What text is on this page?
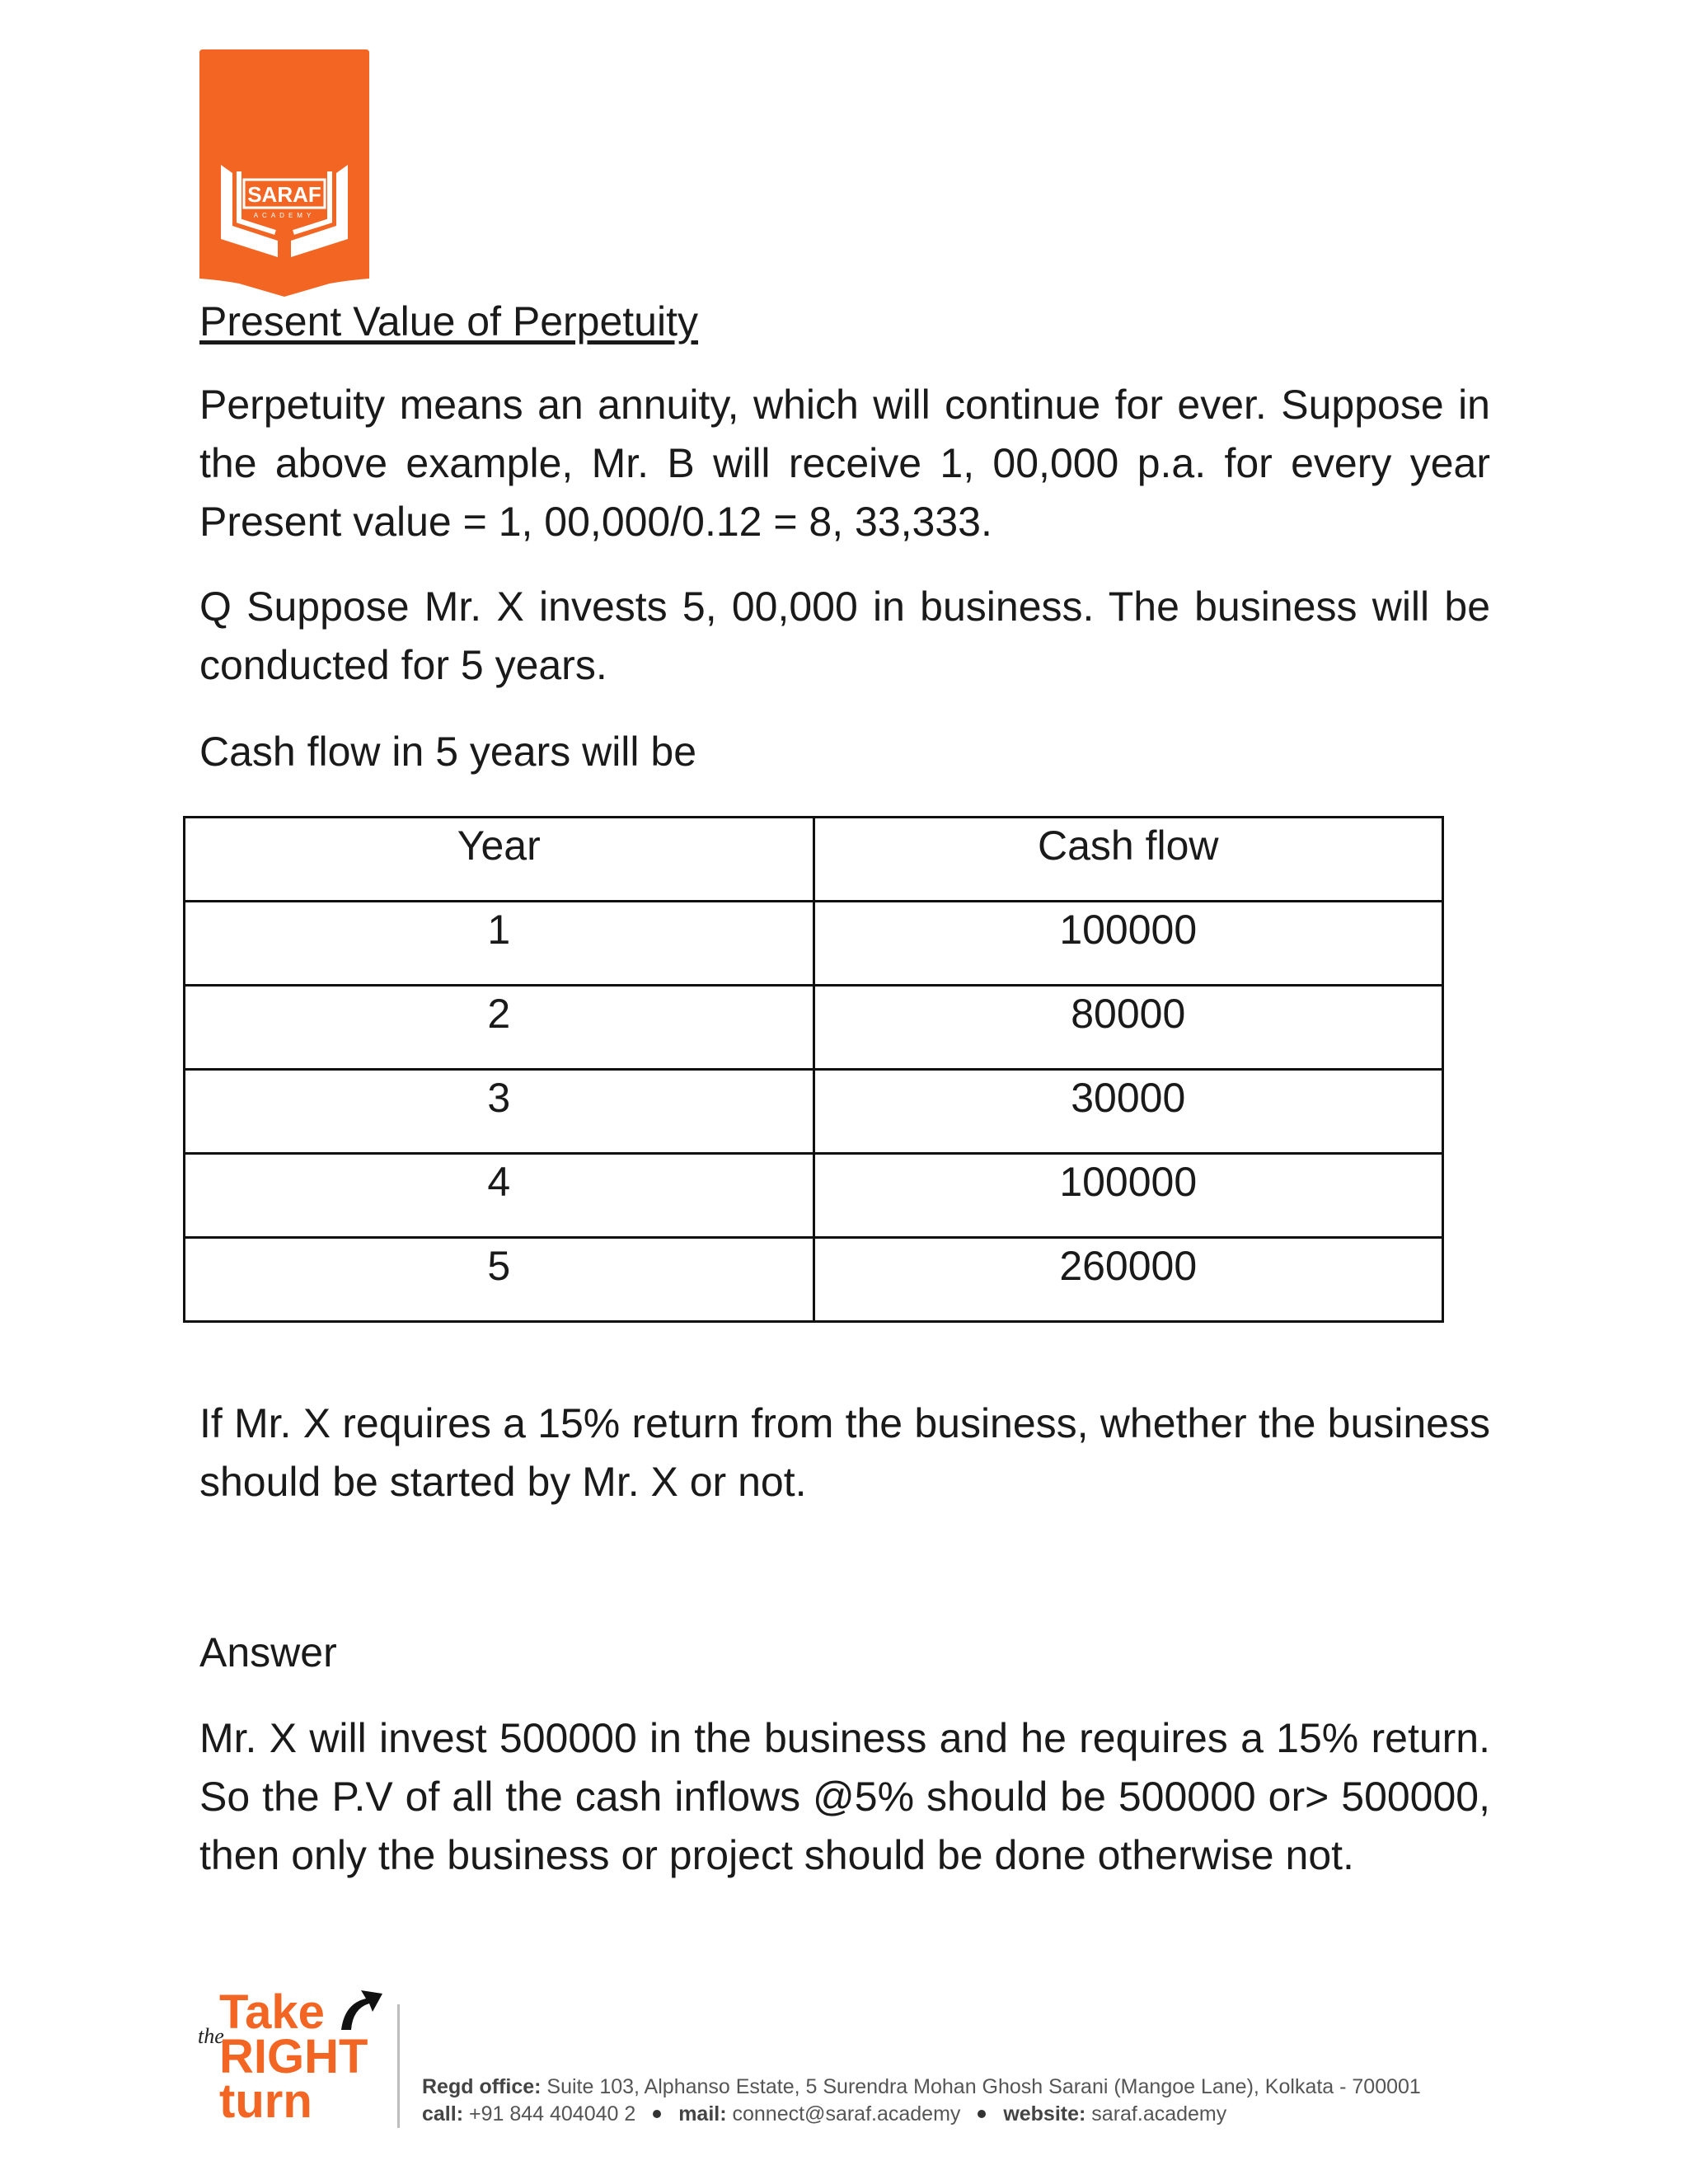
SARAF
ACADEMY
Present Value of Perpetuity

Perpetuity means an annuity, which will continue for ever. Suppose in the above example, Mr. B will receive 1, 00,000 p.a. for every year Present value = 1, 00,000/0.12 = 8, 33,333.

Q Suppose Mr. X invests 5, 00,000 in business. The business will be conducted for 5 years.

Cash flow in 5 years will be

Year	Cash flow
1	100000
2	80000
3	30000
4	100000
5	260000

If Mr. X requires a 15% return from the business, whether the business should be started by Mr. X or not.

Answer

Mr. X will invest 500000 in the business and he requires a 15% return. So the P.V of all the cash inflows @5% should be 500000 or> 500000, then only the business or project should be done otherwise not.

Take
the
RIGHT
turn	Regd office: Suite 103, Alphanso Estate, 5 Surendra Mohan Ghosh Sarani (Mangoe Lane), Kolkata - 700001
call: +91 844 404040 2 mail: connect@saraf.academy website: saraf.academy
